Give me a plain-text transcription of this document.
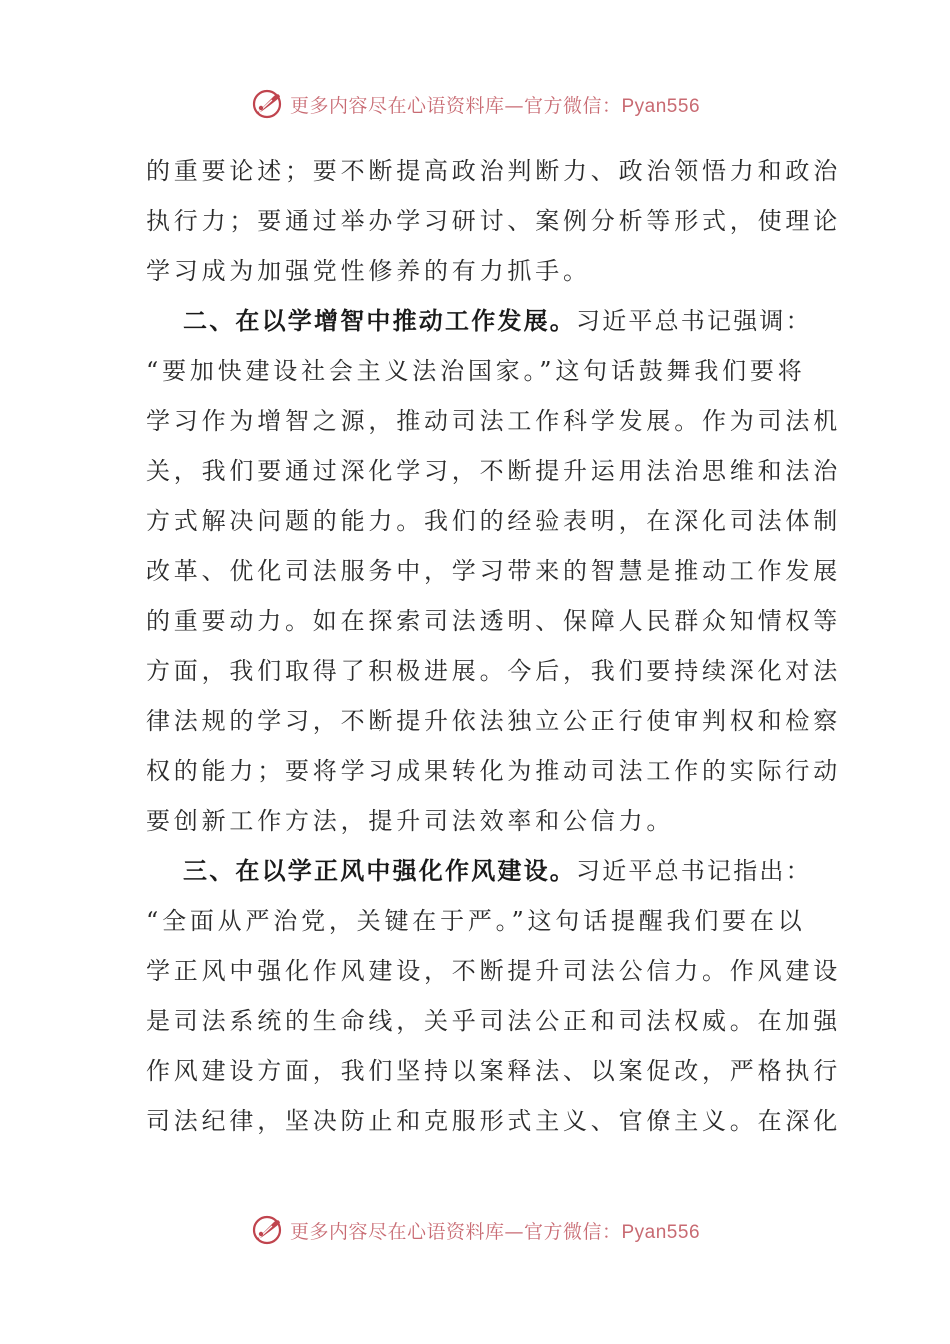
更多内容尽在心语资料库—官方微信：Pyan556
的重要论述；要不断提高政治判断力、政治领悟力和政治
执行力；要通过举办学习研讨、案例分析等形式，使理论
学习成为加强党性修养的有力抓手。
二、在以学增智中推动工作发展。习近平总书记强调：
“要加快建设社会主义法治国家。”这句话鼓舞我们要将
学习作为增智之源，推动司法工作科学发展。作为司法机
关，我们要通过深化学习，不断提升运用法治思维和法治
方式解决问题的能力。我们的经验表明，在深化司法体制
改革、优化司法服务中，学习带来的智慧是推动工作发展
的重要动力。如在探索司法透明、保障人民群众知情权等
方面，我们取得了积极进展。今后，我们要持续深化对法
律法规的学习，不断提升依法独立公正行使审判权和检察
权的能力；要将学习成果转化为推动司法工作的实际行动
要创新工作方法，提升司法效率和公信力。
三、在以学正风中强化作风建设。习近平总书记指出：
“全面从严治党，关键在于严。”这句话提醒我们要在以
学正风中强化作风建设，不断提升司法公信力。作风建设
是司法系统的生命线，关乎司法公正和司法权威。在加强
作风建设方面，我们坚持以案释法、以案促改，严格执行
司法纪律，坚决防止和克服形式主义、官僚主义。在深化
更多内容尽在心语资料库—官方微信：Pyan556
